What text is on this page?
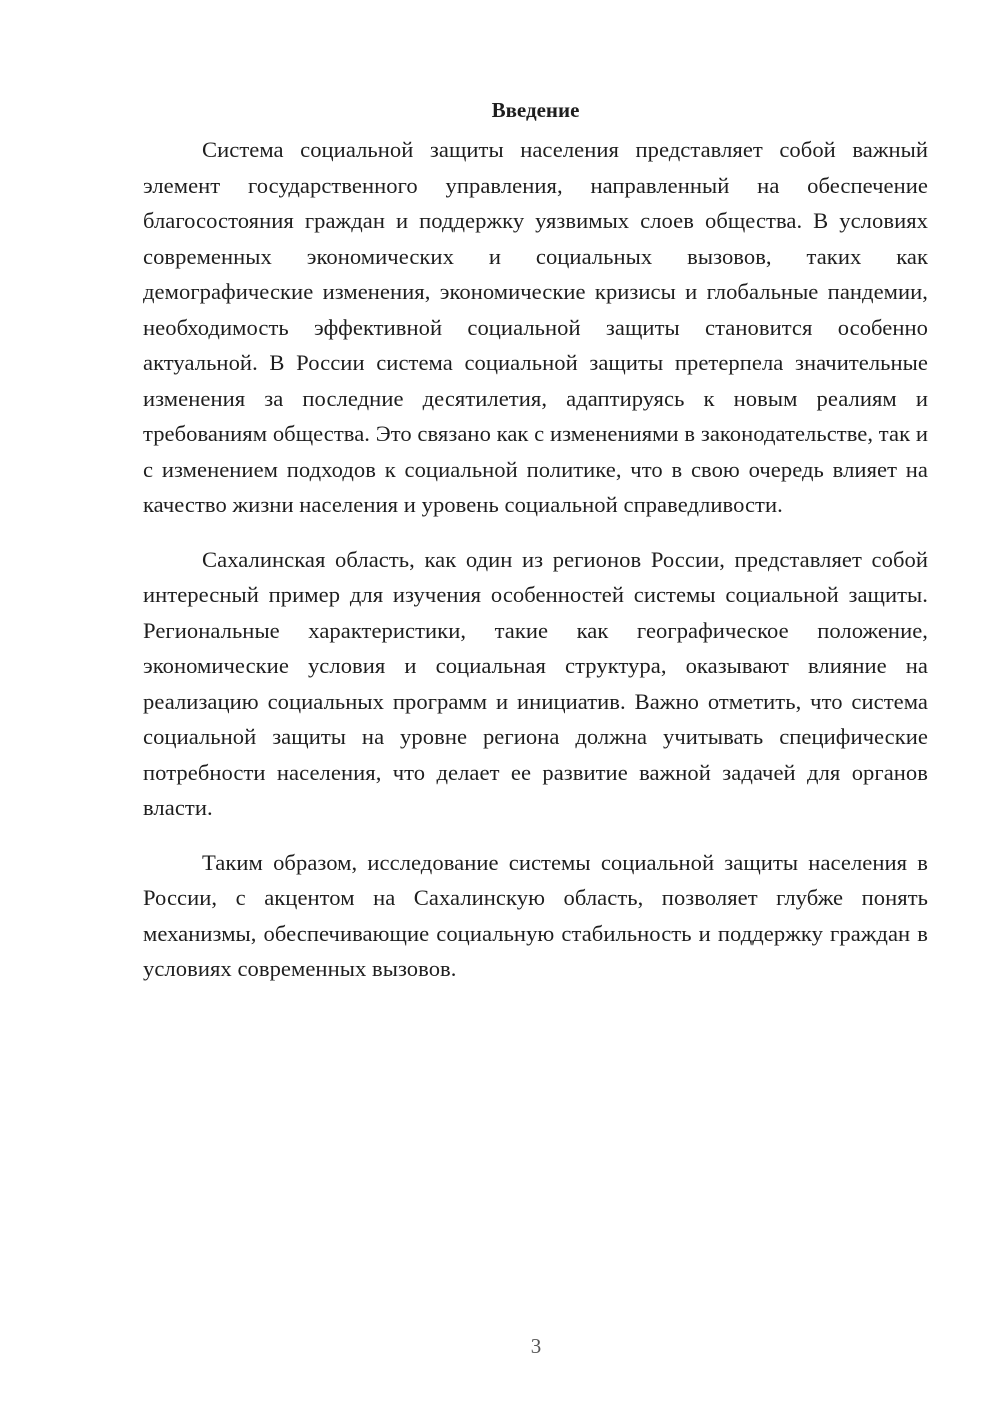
Введение

Система социальной защиты населения представляет собой важный элемент государственного управления, направленный на обеспечение благосостояния граждан и поддержку уязвимых слоев общества. В условиях современных экономических и социальных вызовов, таких как демографические изменения, экономические кризисы и глобальные пандемии, необходимость эффективной социальной защиты становится особенно актуальной. В России система социальной защиты претерпела значительные изменения за последние десятилетия, адаптируясь к новым реалиям и требованиям общества. Это связано как с изменениями в законодательстве, так и с изменением подходов к социальной политике, что в свою очередь влияет на качество жизни населения и уровень социальной справедливости.

Сахалинская область, как один из регионов России, представляет собой интересный пример для изучения особенностей системы социальной защиты. Региональные характеристики, такие как географическое положение, экономические условия и социальная структура, оказывают влияние на реализацию социальных программ и инициатив. Важно отметить, что система социальной защиты на уровне региона должна учитывать специфические потребности населения, что делает ее развитие важной задачей для органов власти.

Таким образом, исследование системы социальной защиты населения в России, с акцентом на Сахалинскую область, позволяет глубже понять механизмы, обеспечивающие социальную стабильность и поддержку граждан в условиях современных вызовов.

3
